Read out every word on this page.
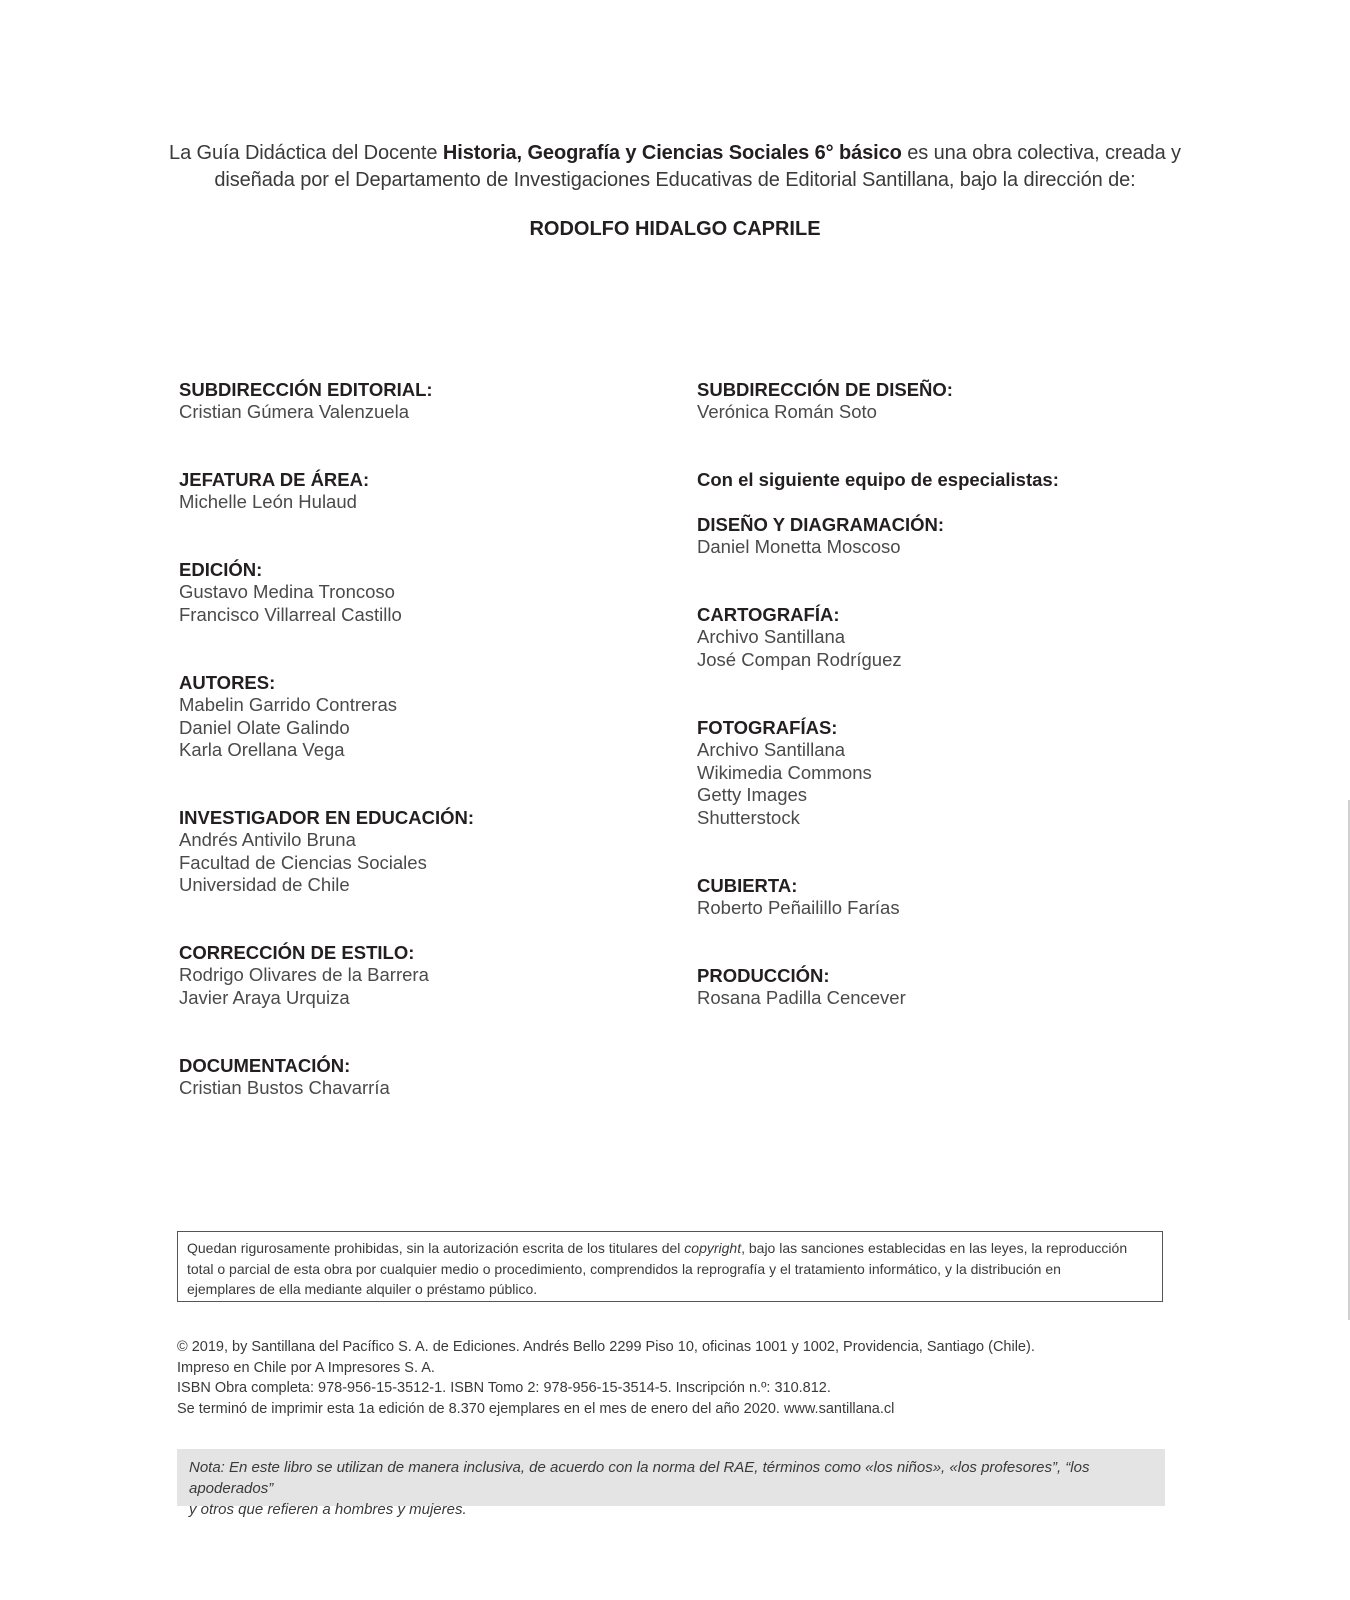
La Guía Didáctica del Docente Historia, Geografía y Ciencias Sociales 6° básico es una obra colectiva, creada y
diseñada por el Departamento de Investigaciones Educativas de Editorial Santillana, bajo la dirección de:
RODOLFO HIDALGO CAPRILE
SUBDIRECCIÓN EDITORIAL:
Cristian Gúmera Valenzuela
JEFATURA DE ÁREA:
Michelle León Hulaud
EDICIÓN:
Gustavo Medina Troncoso
Francisco Villarreal Castillo
AUTORES:
Mabelin Garrido Contreras
Daniel Olate Galindo
Karla Orellana Vega
INVESTIGADOR EN EDUCACIÓN:
Andrés Antivilo Bruna
Facultad de Ciencias Sociales
Universidad de Chile
CORRECCIÓN DE ESTILO:
Rodrigo Olivares de la Barrera
Javier Araya Urquiza
DOCUMENTACIÓN:
Cristian Bustos Chavarría
SUBDIRECCIÓN DE DISEÑO:
Verónica Román Soto
Con el siguiente equipo de especialistas:
DISEÑO Y DIAGRAMACIÓN:
Daniel Monetta Moscoso
CARTOGRAFÍA:
Archivo Santillana
José Compan Rodríguez
FOTOGRAFÍAS:
Archivo Santillana
Wikimedia Commons
Getty Images
Shutterstock
CUBIERTA:
Roberto Peñailillo Farías
PRODUCCIÓN:
Rosana Padilla Cencever
Quedan rigurosamente prohibidas, sin la autorización escrita de los titulares del copyright, bajo las sanciones establecidas en las leyes, la reproducción
total o parcial de esta obra por cualquier medio o procedimiento, comprendidos la reprografía y el tratamiento informático, y la distribución en
ejemplares de ella mediante alquiler o préstamo público.
© 2019, by Santillana del Pacífico S. A. de Ediciones. Andrés Bello 2299 Piso 10, oficinas 1001 y 1002, Providencia, Santiago (Chile).
Impreso en Chile por A Impresores S. A.
ISBN Obra completa: 978-956-15-3512-1. ISBN Tomo 2: 978-956-15-3514-5. Inscripción n.º: 310.812.
Se terminó de imprimir esta 1a edición de 8.370 ejemplares en el mes de enero del año 2020. www.santillana.cl
Nota: En este libro se utilizan de manera inclusiva, de acuerdo con la norma del RAE, términos como «los niños», «los profesores”, “los apoderados”
y otros que refieren a hombres y mujeres.
